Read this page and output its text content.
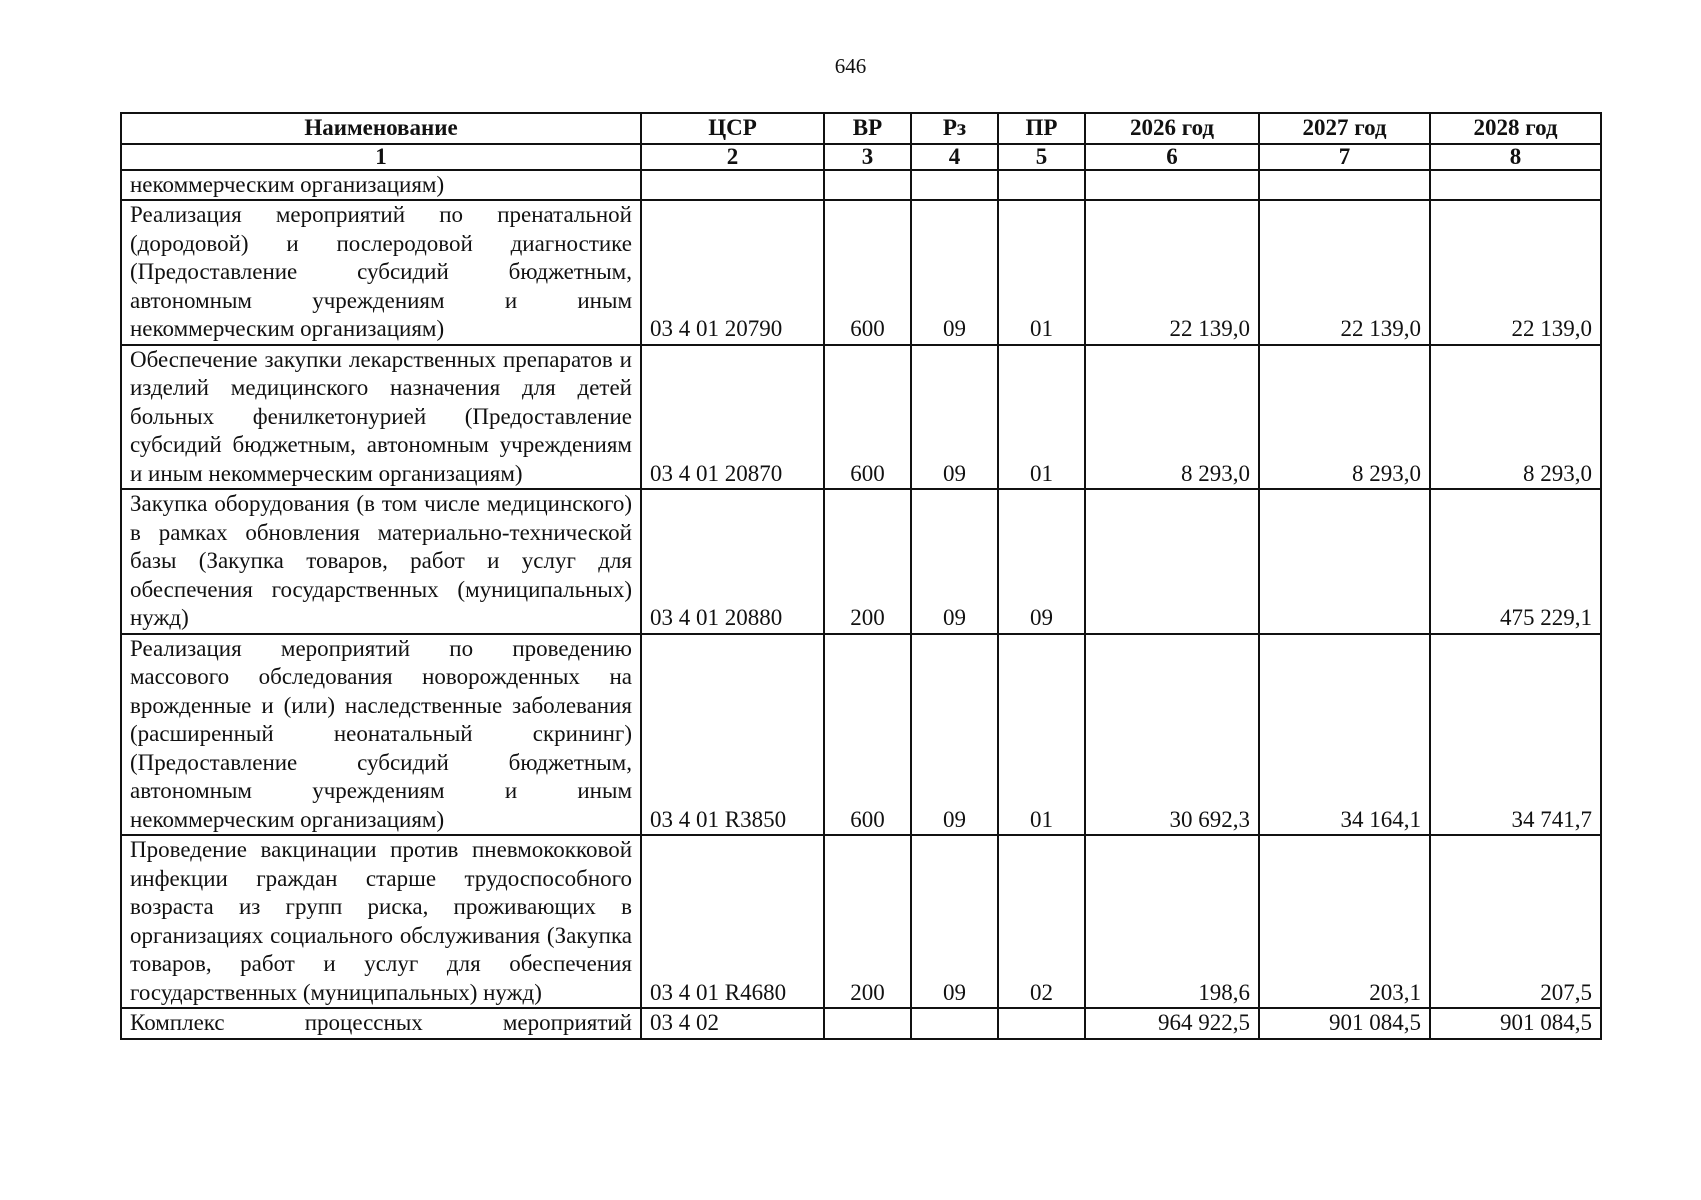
646
Наименование	ЦСР	ВР	Рз	ПР	2026 год	2027 год	2028 год
1	2	3	4	5	6	7	8
некоммерческим организациям)							
Реализация мероприятий по пренатальной (дородовой) и послеродовой диагностике (Предоставление субсидий бюджетным, автономным учреждениям и иным некоммерческим организациям)	03 4 01 20790	600	09	01	22 139,0	22 139,0	22 139,0
Обеспечение закупки лекарственных препаратов и изделий медицинского назначения для детей больных фенилкетонурией (Предоставление субсидий бюджетным, автономным учреждениям и иным некоммерческим организациям)	03 4 01 20870	600	09	01	8 293,0	8 293,0	8 293,0
Закупка оборудования (в том числе медицинского) в рамках обновления материально-технической базы (Закупка товаров, работ и услуг для обеспечения государственных (муниципальных) нужд)	03 4 01 20880	200	09	09			475 229,1
Реализация мероприятий по проведению массового обследования новорожденных на врожденные и (или) наследственные заболевания (расширенный неонатальный скрининг) (Предоставление субсидий бюджетным, автономным учреждениям и иным некоммерческим организациям)	03 4 01 R3850	600	09	01	30 692,3	34 164,1	34 741,7
Проведение вакцинации против пневмококковой инфекции граждан старше трудоспособного возраста из групп риска, проживающих в организациях социального обслуживания (Закупка товаров, работ и услуг для обеспечения государственных (муниципальных) нужд)	03 4 01 R4680	200	09	02	198,6	203,1	207,5
Комплекс процессных мероприятий	03 4 02				964 922,5	901 084,5	901 084,5
